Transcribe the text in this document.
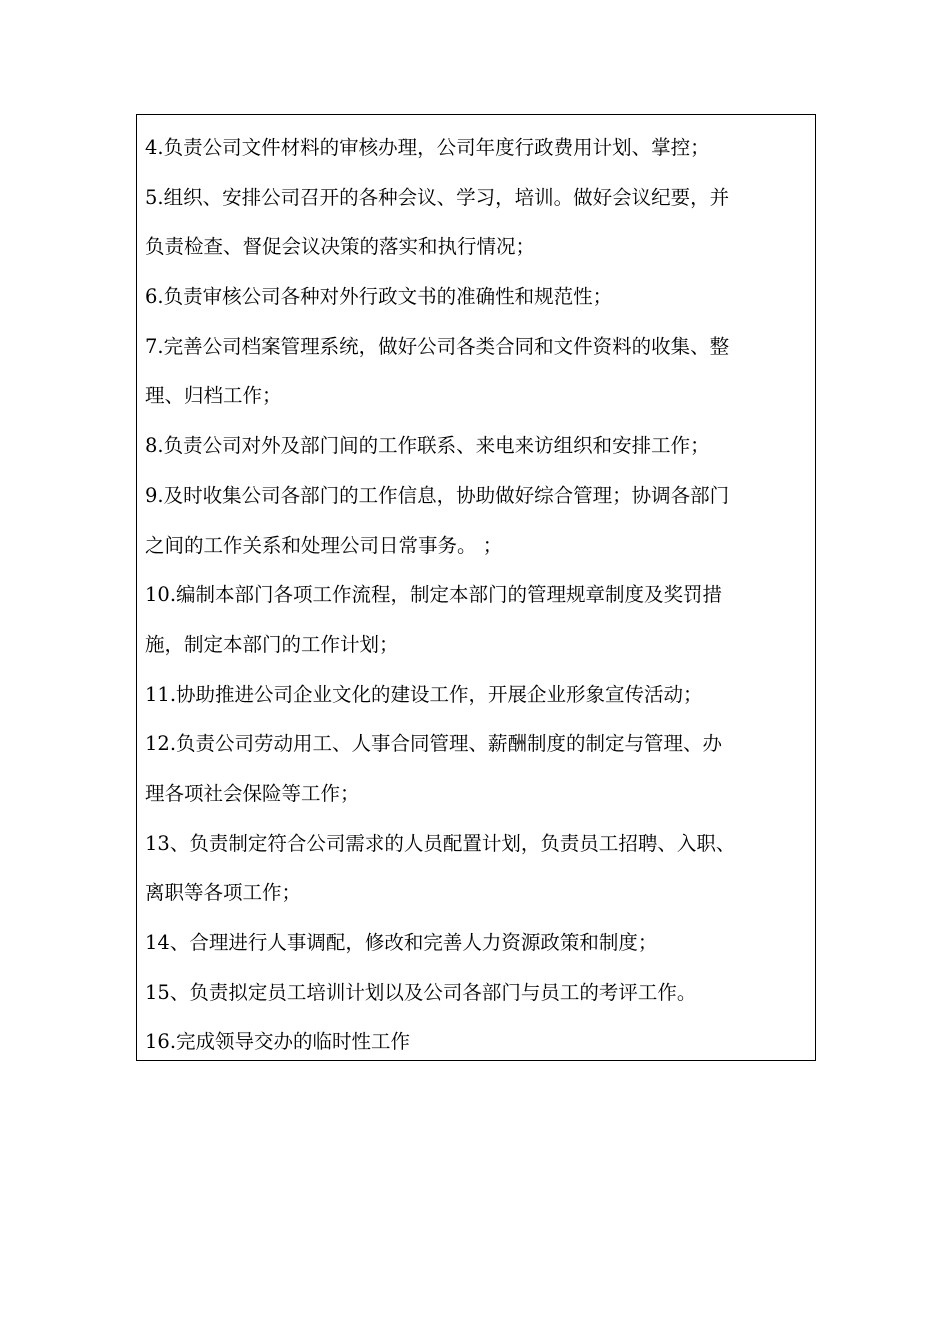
4.负责公司文件材料的审核办理，公司年度行政费用计划、掌控；
5.组织、安排公司召开的各种会议、学习，培训。做好会议纪要，并
负责检查、督促会议决策的落实和执行情况；
6.负责审核公司各种对外行政文书的准确性和规范性；
7.完善公司档案管理系统，做好公司各类合同和文件资料的收集、整
理、归档工作；
8.负责公司对外及部门间的工作联系、来电来访组织和安排工作；
9.及时收集公司各部门的工作信息，协助做好综合管理；协调各部门
之间的工作关系和处理公司日常事务。 ；
10.编制本部门各项工作流程，制定本部门的管理规章制度及奖罚措
施，制定本部门的工作计划；
11.协助推进公司企业文化的建设工作，开展企业形象宣传活动；
12.负责公司劳动用工、人事合同管理、薪酬制度的制定与管理、办
理各项社会保险等工作；
13、负责制定符合公司需求的人员配置计划，负责员工招聘、入职、
离职等各项工作；
14、合理进行人事调配，修改和完善人力资源政策和制度；
15、负责拟定员工培训计划以及公司各部门与员工的考评工作。
16.完成领导交办的临时性工作
